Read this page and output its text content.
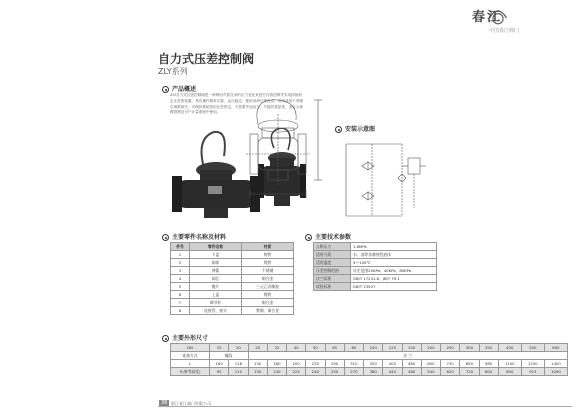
春江
中国春江阀门
自力式压差控制阀
ZLY系列
产品概述
ZLY自力式压差控制阀是一种利用介质自身的压力变化来进行自我控制并实现持续恒定压差的装置，具有操作简单可靠、运行稳定、使用寿命长等优点。该阀适用于采暖空调系统中，可保持系统资用压差恒定，不需要外加动力，节能效果显著，适合大规模管网及分户计量系统中使用。
安装示意图
主要零件名称及材料
件号	零件名称	材质
1	下盖	铸铁
2	阀体	铸铁
3	弹簧	不锈钢
4	阀芯	铜合金
5	膜片	三元乙丙橡胶
6	上盖	铸铁
7	调节杆	铜合金
8	连接管、接头	紫铜、铜合金
主要技术参数
公称压力	1.6MPa
适用介质	水、油等非腐蚀性液体
适用温度	5～150℃
压差控制范围	设定范围20KPa、40KPa、80KPa
法兰标准	GB/T 17241.6、JB/T 79.1
试验标准	GB/T 13927
主要外形尺寸
DN	15	20	25	32	40	50	65	80	100	125	150	200	250	300	350	400	500	600
连接方式	螺纹		法 兰															
L	160	118	130	180	200	230	290	310	350	400	480	600	730	850	980	1100	1250	1450
H(参考高度)	95	110	130	140	225	240	250	270	380	440	480	540	620	720	800	850	913	1090
38 浙江春江阀门有限公司
